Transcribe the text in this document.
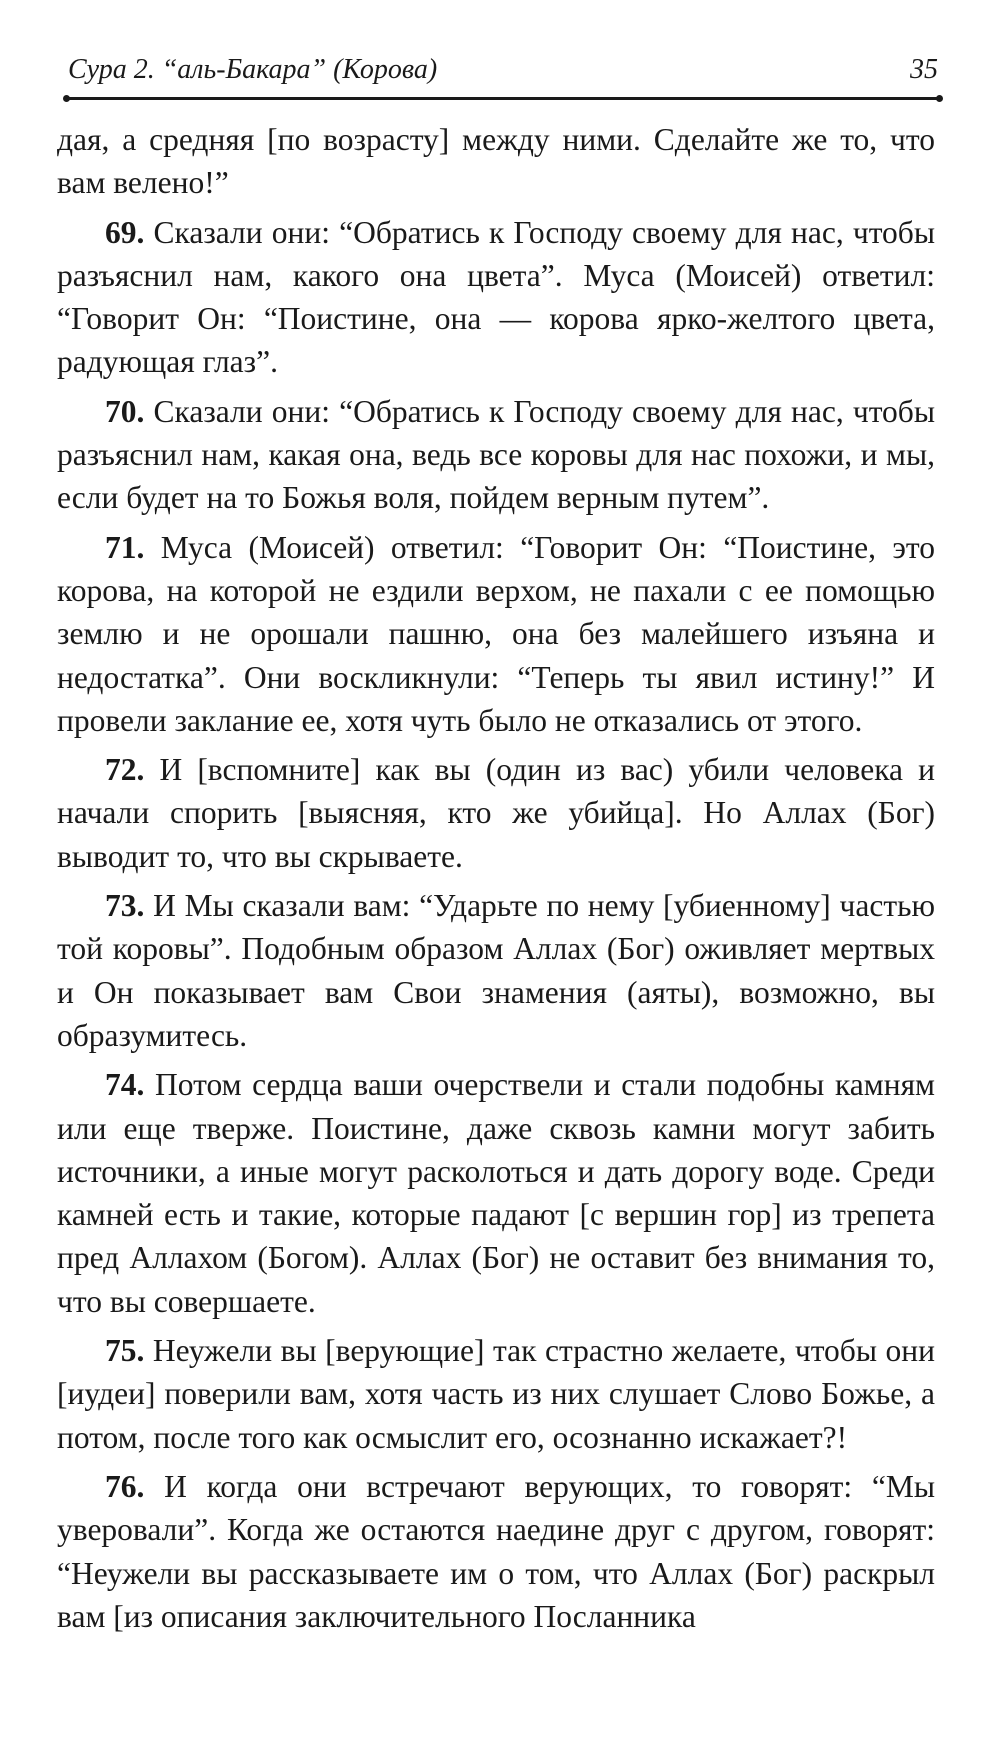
Сура 2. “аль-Бакара” (Корова)	35

дая, а средняя [по возрасту] между ними. Сделайте же то, что вам велено!”

69. Сказали они: “Обратись к Господу своему для нас, чтобы разъяснил нам, какого она цвета”. Муса (Моисей) ответил: “Говорит Он: “Поистине, она — корова ярко-желтого цвета, радующая глаз”.

70. Сказали они: “Обратись к Господу своему для нас, чтобы разъяснил нам, какая она, ведь все коровы для нас похожи, и мы, если будет на то Божья воля, пойдем верным путем”.

71. Муса (Моисей) ответил: “Говорит Он: “Поистине, это корова, на которой не ездили верхом, не пахали с ее помощью землю и не орошали пашню, она без малейшего изъяна и недостатка”. Они воскликнули: “Теперь ты явил истину!” И провели заклание ее, хотя чуть было не отказались от этого.

72. И [вспомните] как вы (один из вас) убили человека и начали спорить [выясняя, кто же убийца]. Но Аллах (Бог) выводит то, что вы скрываете.

73. И Мы сказали вам: “Ударьте по нему [убиенному] частью той коровы”. Подобным образом Аллах (Бог) оживляет мертвых и Он показывает вам Свои знамения (аяты), возможно, вы образумитесь.

74. Потом сердца ваши очерствели и стали подобны камням или еще тверже. Поистине, даже сквозь камни могут забить источники, а иные могут расколоться и дать дорогу воде. Среди камней есть и такие, которые падают [с вершин гор] из трепета пред Аллахом (Богом). Аллах (Бог) не оставит без внимания то, что вы совершаете.

75. Неужели вы [верующие] так страстно желаете, чтобы они [иудеи] поверили вам, хотя часть из них слушает Слово Божье, а потом, после того как осмыслит его, осознанно искажает?!

76. И когда они встречают верующих, то говорят: “Мы уверовали”. Когда же остаются наедине друг с другом, говорят: “Неужели вы рассказываете им о том, что Аллах (Бог) раскрыл вам [из описания заключительного Посланника
